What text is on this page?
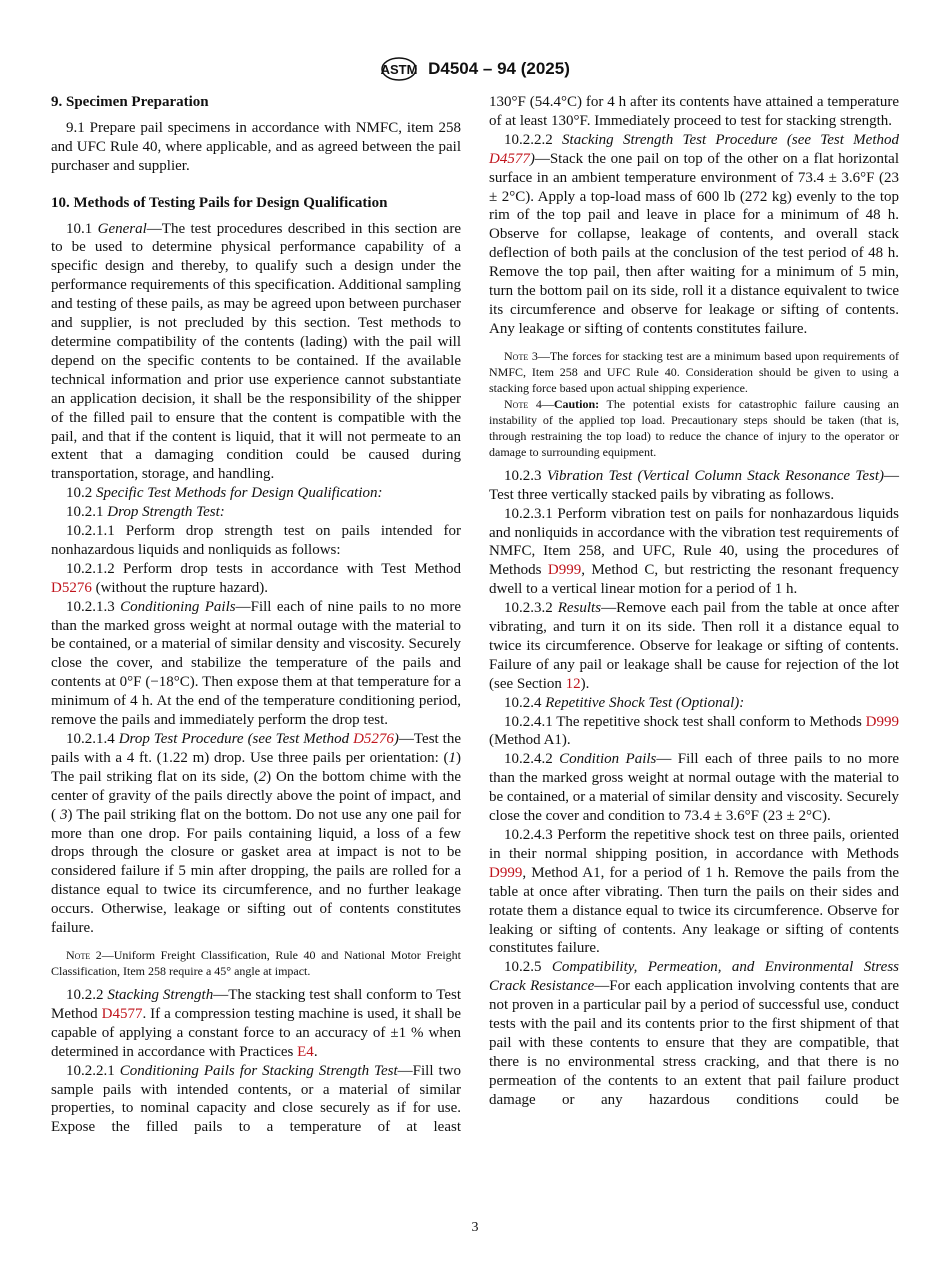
ASTM D4504 – 94 (2025)
9. Specimen Preparation

9.1 Prepare pail specimens in accordance with NMFC, item 258 and UFC Rule 40, where applicable, and as agreed between the pail purchaser and supplier.

10. Methods of Testing Pails for Design Qualification

10.1 General—The test procedures described in this section are to be used to determine physical performance capability of a specific design and thereby, to qualify such a design under the performance requirements of this specification. Additional sampling and testing of these pails, as may be agreed upon between purchaser and supplier, is not precluded by this section. Test methods to determine compatibility of the contents (lading) with the pail will depend on the specific contents to be contained. If the available technical information and prior use experience cannot substantiate an application decision, it shall be the responsibility of the shipper of the filled pail to ensure that the content is compatible with the pail, and that if the content is liquid, that it will not permeate to an extent that a damaging condition could be caused during transportation, storage, and handling.

10.2 Specific Test Methods for Design Qualification:

10.2.1 Drop Strength Test:

10.2.1.1 Perform drop strength test on pails intended for nonhazardous liquids and nonliquids as follows:

10.2.1.2 Perform drop tests in accordance with Test Method D5276 (without the rupture hazard).

10.2.1.3 Conditioning Pails—Fill each of nine pails to no more than the marked gross weight at normal outage with the material to be contained, or a material of similar density and viscosity. Securely close the cover, and stabilize the temperature of the pails and contents at 0°F (−18°C). Then expose them at that temperature for a minimum of 4 h. At the end of the temperature conditioning period, remove the pails and immediately perform the drop test.

10.2.1.4 Drop Test Procedure (see Test Method D5276)—Test the pails with a 4 ft. (1.22 m) drop. Use three pails per orientation: (1) The pail striking flat on its side, (2) On the bottom chime with the center of gravity of the pails directly above the point of impact, and ( 3) The pail striking flat on the bottom. Do not use any one pail for more than one drop. For pails containing liquid, a loss of a few drops through the closure or gasket area at impact is not to be considered failure if 5 min after dropping, the pails are rolled for a distance equal to twice its circumference, and no further leakage occurs. Otherwise, leakage or sifting out of contents constitutes failure.

Note 2—Uniform Freight Classification, Rule 40 and National Motor Freight Classification, Item 258 require a 45° angle at impact.

10.2.2 Stacking Strength—The stacking test shall conform to Test Method D4577. If a compression testing machine is used, it shall be capable of applying a constant force to an accuracy of ±1 % when determined in accordance with Practices E4.

10.2.2.1 Conditioning Pails for Stacking Strength Test—Fill two sample pails with intended contents, or a material of similar properties, to nominal capacity and close securely as if for use. Expose the filled pails to a temperature of at least

130°F (54.4°C) for 4 h after its contents have attained a temperature of at least 130°F. Immediately proceed to test for stacking strength.

10.2.2.2 Stacking Strength Test Procedure (see Test Method D4577)—Stack the one pail on top of the other on a flat horizontal surface in an ambient temperature environment of 73.4 ± 3.6°F (23 ± 2°C). Apply a top-load mass of 600 lb (272 kg) evenly to the top rim of the top pail and leave in place for a minimum of 48 h. Observe for collapse, leakage of contents, and overall stack deflection of both pails at the conclusion of the test period of 48 h. Remove the top pail, then after waiting for a minimum of 5 min, turn the bottom pail on its side, roll it a distance equivalent to twice its circumference and observe for leakage or sifting of contents. Any leakage or sifting of contents constitutes failure.

Note 3—The forces for stacking test are a minimum based upon requirements of NMFC, Item 258 and UFC Rule 40. Consideration should be given to using a stacking force based upon actual shipping experience.

Note 4—Caution: The potential exists for catastrophic failure causing an instability of the applied top load. Precautionary steps should be taken (that is, through restraining the top load) to reduce the chance of injury to the operator or damage to surrounding equipment.

10.2.3 Vibration Test (Vertical Column Stack Resonance Test)—Test three vertically stacked pails by vibrating as follows.

10.2.3.1 Perform vibration test on pails for nonhazardous liquids and nonliquids in accordance with the vibration test requirements of NMFC, Item 258, and UFC, Rule 40, using the procedures of Methods D999, Method C, but restricting the resonant frequency dwell to a vertical linear motion for a period of 1 h.

10.2.3.2 Results—Remove each pail from the table at once after vibrating, and turn it on its side. Then roll it a distance equal to twice its circumference. Observe for leakage or sifting of contents. Failure of any pail or leakage shall be cause for rejection of the lot (see Section 12).

10.2.4 Repetitive Shock Test (Optional):

10.2.4.1 The repetitive shock test shall conform to Methods D999 (Method A1).

10.2.4.2 Condition Pails— Fill each of three pails to no more than the marked gross weight at normal outage with the material to be contained, or a material of similar density and viscosity. Securely close the cover and condition to 73.4 ± 3.6°F (23 ± 2°C).

10.2.4.3 Perform the repetitive shock test on three pails, oriented in their normal shipping position, in accordance with Methods D999, Method A1, for a period of 1 h. Remove the pails from the table at once after vibrating. Then turn the pails on their sides and rotate them a distance equal to twice its circumference. Observe for leaking or sifting of contents. Any leakage or sifting of contents constitutes failure.

10.2.5 Compatibility, Permeation, and Environmental Stress Crack Resistance—For each application involving contents that are not proven in a particular pail by a period of successful use, conduct tests with the pail and its contents prior to the first shipment of that pail with these contents to ensure that they are compatible, that there is no environmental stress cracking, and that there is no permeation of the contents to an extent that pail failure product damage or any hazardous conditions could be

3
